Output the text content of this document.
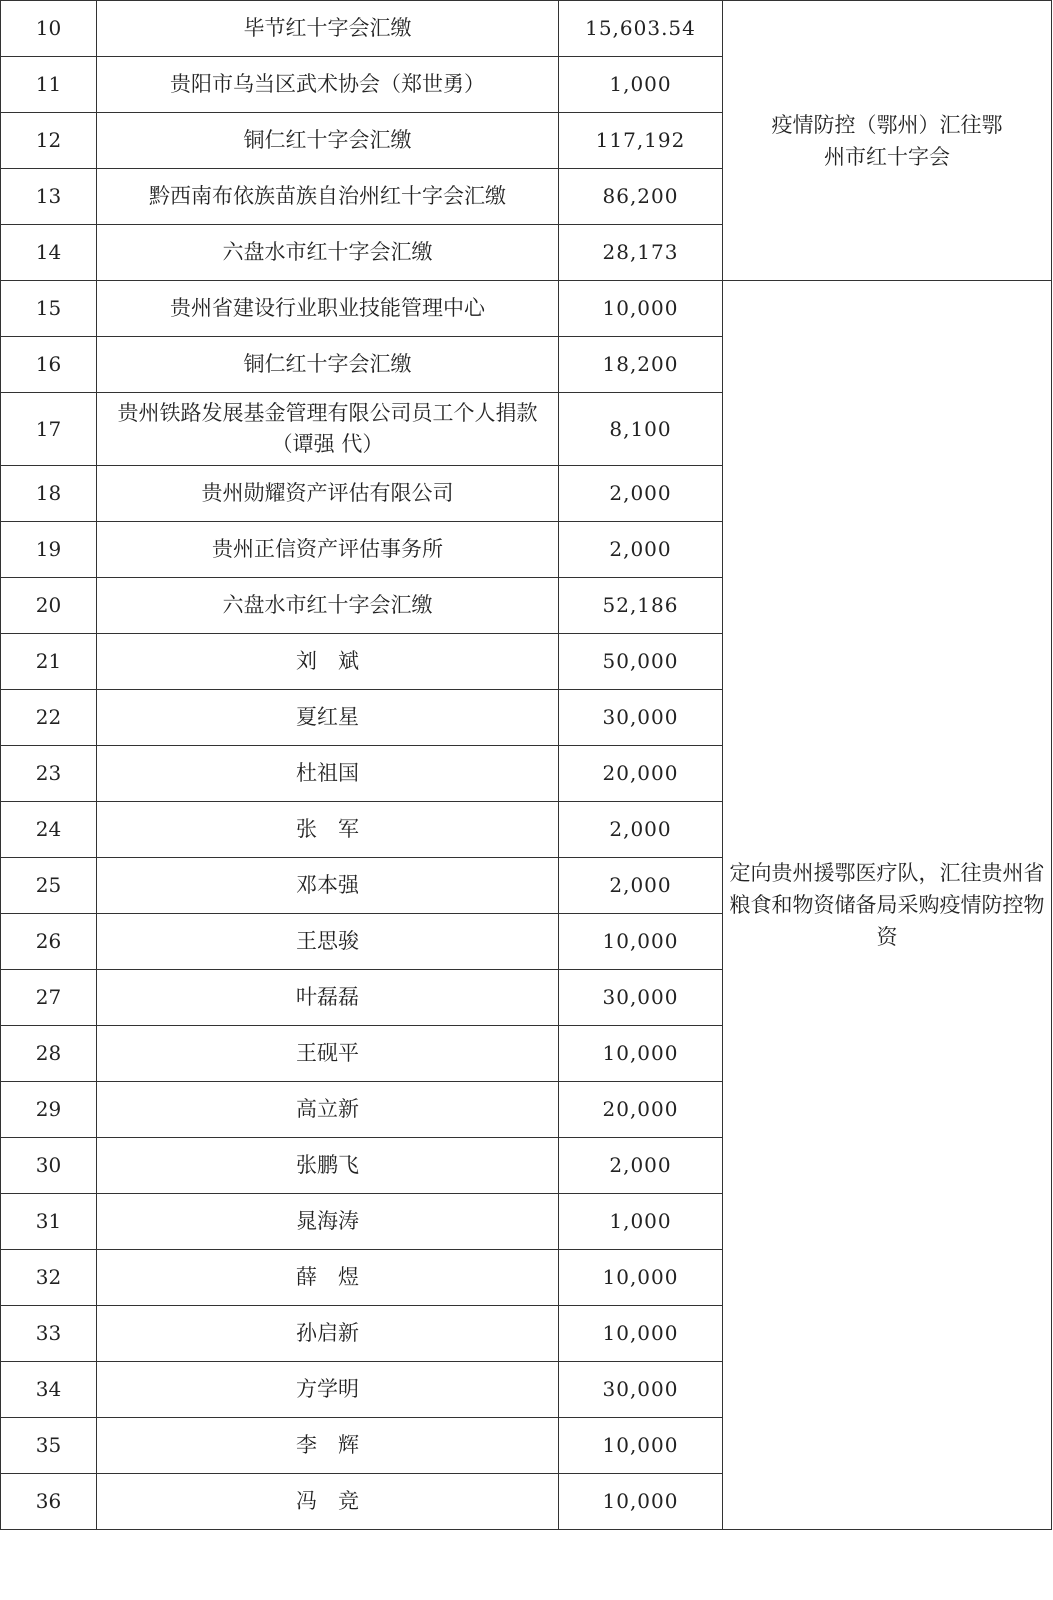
10	毕节红十字会汇缴	15,603.54	疫情防控（鄂州）汇往鄂州市红十字会
11	贵阳市乌当区武术协会（郑世勇）	1,000	
12	铜仁红十字会汇缴	117,192	
13	黔西南布依族苗族自治州红十字会汇缴	86,200	
14	六盘水市红十字会汇缴	28,173	
15	贵州省建设行业职业技能管理中心	10,000	定向贵州援鄂医疗队，汇往贵州省粮食和物资储备局采购疫情防控物资
16	铜仁红十字会汇缴	18,200	
17	贵州铁路发展基金管理有限公司员工个人捐款（谭强 代）	8,100	
18	贵州勋耀资产评估有限公司	2,000	
19	贵州正信资产评估事务所	2,000	
20	六盘水市红十字会汇缴	52,186	
21	刘　斌	50,000	
22	夏红星	30,000	
23	杜祖国	20,000	
24	张　军	2,000	
25	邓本强	2,000	
26	王思骏	10,000	
27	叶磊磊	30,000	
28	王砚平	10,000	
29	高立新	20,000	
30	张鹏飞	2,000	
31	晁海涛	1,000	
32	薛　煜	10,000	
33	孙启新	10,000	
34	方学明	30,000	
35	李　辉	10,000	
36	冯　竞	10,000	
